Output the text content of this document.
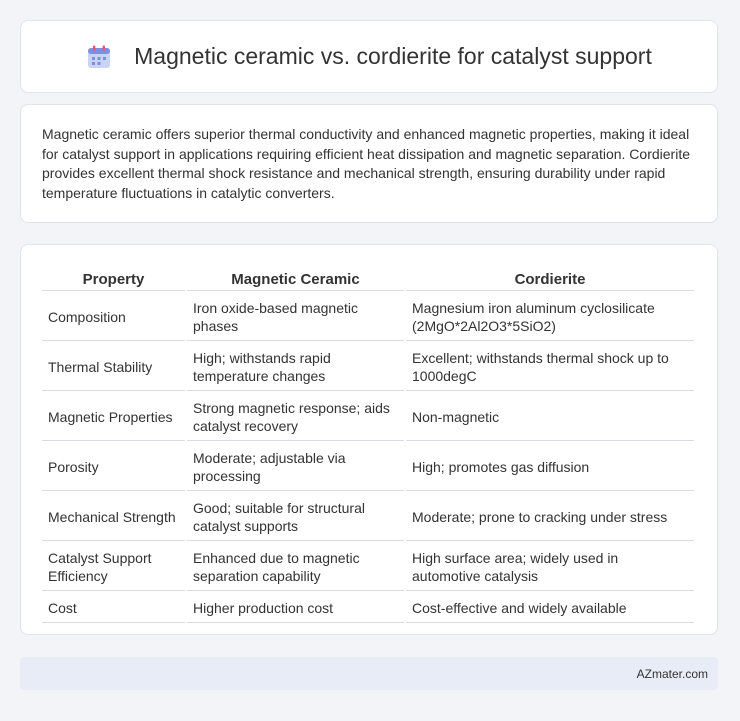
Magnetic ceramic vs. cordierite for catalyst support

Magnetic ceramic offers superior thermal conductivity and enhanced magnetic properties, making it ideal for catalyst support in applications requiring efficient heat dissipation and magnetic separation. Cordierite provides excellent thermal shock resistance and mechanical strength, ensuring durability under rapid temperature fluctuations in catalytic converters.

Property	Magnetic Ceramic	Cordierite
Composition	Iron oxide-based magnetic phases	Magnesium iron aluminum cyclosilicate (2MgO*2Al2O3*5SiO2)
Thermal Stability	High; withstands rapid temperature changes	Excellent; withstands thermal shock up to 1000degC
Magnetic Properties	Strong magnetic response; aids catalyst recovery	Non-magnetic
Porosity	Moderate; adjustable via processing	High; promotes gas diffusion
Mechanical Strength	Good; suitable for structural catalyst supports	Moderate; prone to cracking under stress
Catalyst Support Efficiency	Enhanced due to magnetic separation capability	High surface area; widely used in automotive catalysis
Cost	Higher production cost	Cost-effective and widely available
AZmater.com
